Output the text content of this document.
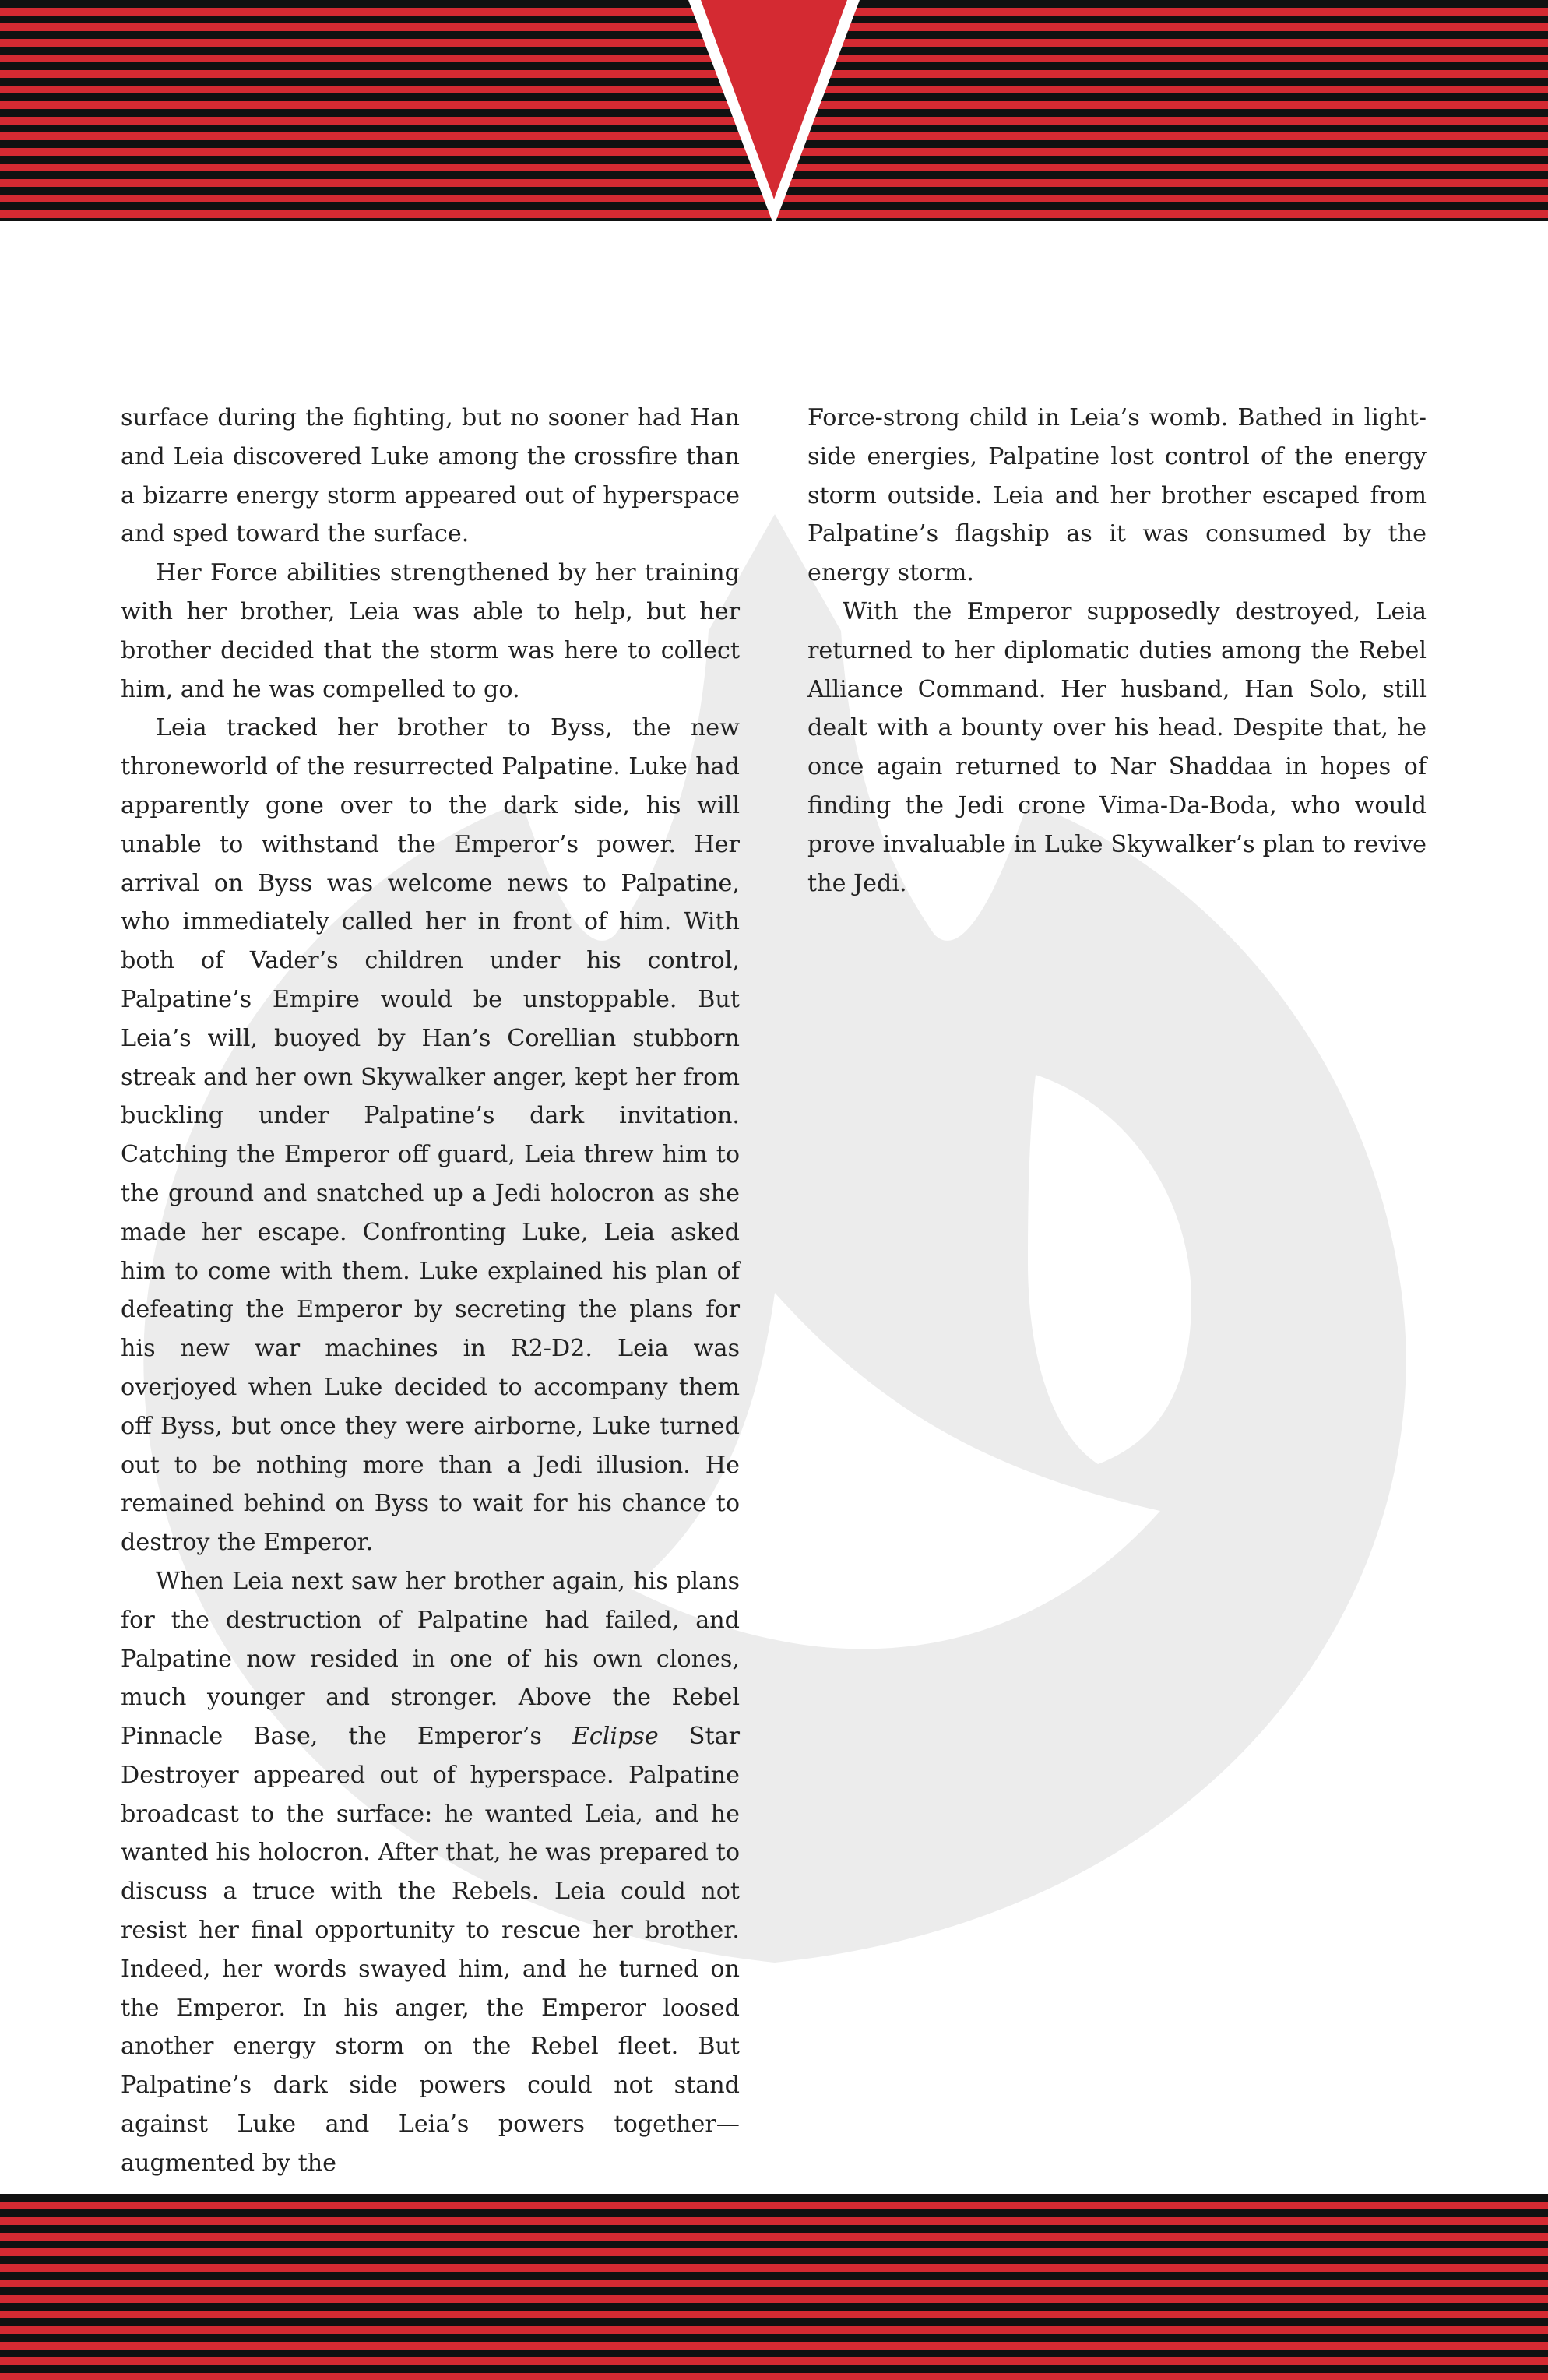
surface during the fighting, but no sooner had Han and Leia discovered Luke among the crossfire than a bizarre energy storm appeared out of hyperspace and sped toward the surface.

Her Force abilities strengthened by her training with her brother, Leia was able to help, but her brother decided that the storm was here to collect him, and he was compelled to go.

Leia tracked her brother to Byss, the new throneworld of the resurrected Palpatine. Luke had apparently gone over to the dark side, his will unable to withstand the Emperor’s power. Her arrival on Byss was welcome news to Palpatine, who immediately called her in front of him. With both of Vader’s children under his control, Palpatine’s Empire would be unstoppable. But Leia’s will, buoyed by Han’s Corellian stubborn streak and her own Skywalker anger, kept her from buckling under Palpatine’s dark invitation. Catching the Emperor off guard, Leia threw him to the ground and snatched up a Jedi holocron as she made her escape. Confronting Luke, Leia asked him to come with them. Luke explained his plan of defeating the Emperor by secreting the plans for his new war machines in R2-D2. Leia was overjoyed when Luke decided to accompany them off Byss, but once they were airborne, Luke turned out to be nothing more than a Jedi illusion. He remained behind on Byss to wait for his chance to destroy the Emperor.

When Leia next saw her brother again, his plans for the destruction of Palpatine had failed, and Palpatine now resided in one of his own clones, much younger and stronger. Above the Rebel Pinnacle Base, the Emperor’s Eclipse Star Destroyer appeared out of hyperspace. Palpatine broadcast to the surface: he wanted Leia, and he wanted his holocron. After that, he was prepared to discuss a truce with the Rebels. Leia could not resist her final opportunity to rescue her brother. Indeed, her words swayed him, and he turned on the Emperor. In his anger, the Emperor loosed another energy storm on the Rebel fleet. But Palpatine’s dark side powers could not stand against Luke and Leia’s powers together—augmented by the

Force-strong child in Leia’s womb. Bathed in light-side energies, Palpatine lost control of the energy storm outside. Leia and her brother escaped from Palpatine’s flagship as it was consumed by the energy storm.

With the Emperor supposedly destroyed, Leia returned to her diplomatic duties among the Rebel Alliance Command. Her husband, Han Solo, still dealt with a bounty over his head. Despite that, he once again returned to Nar Shaddaa in hopes of finding the Jedi crone Vima-Da-Boda, who would prove invaluable in Luke Skywalker’s plan to revive the Jedi.
